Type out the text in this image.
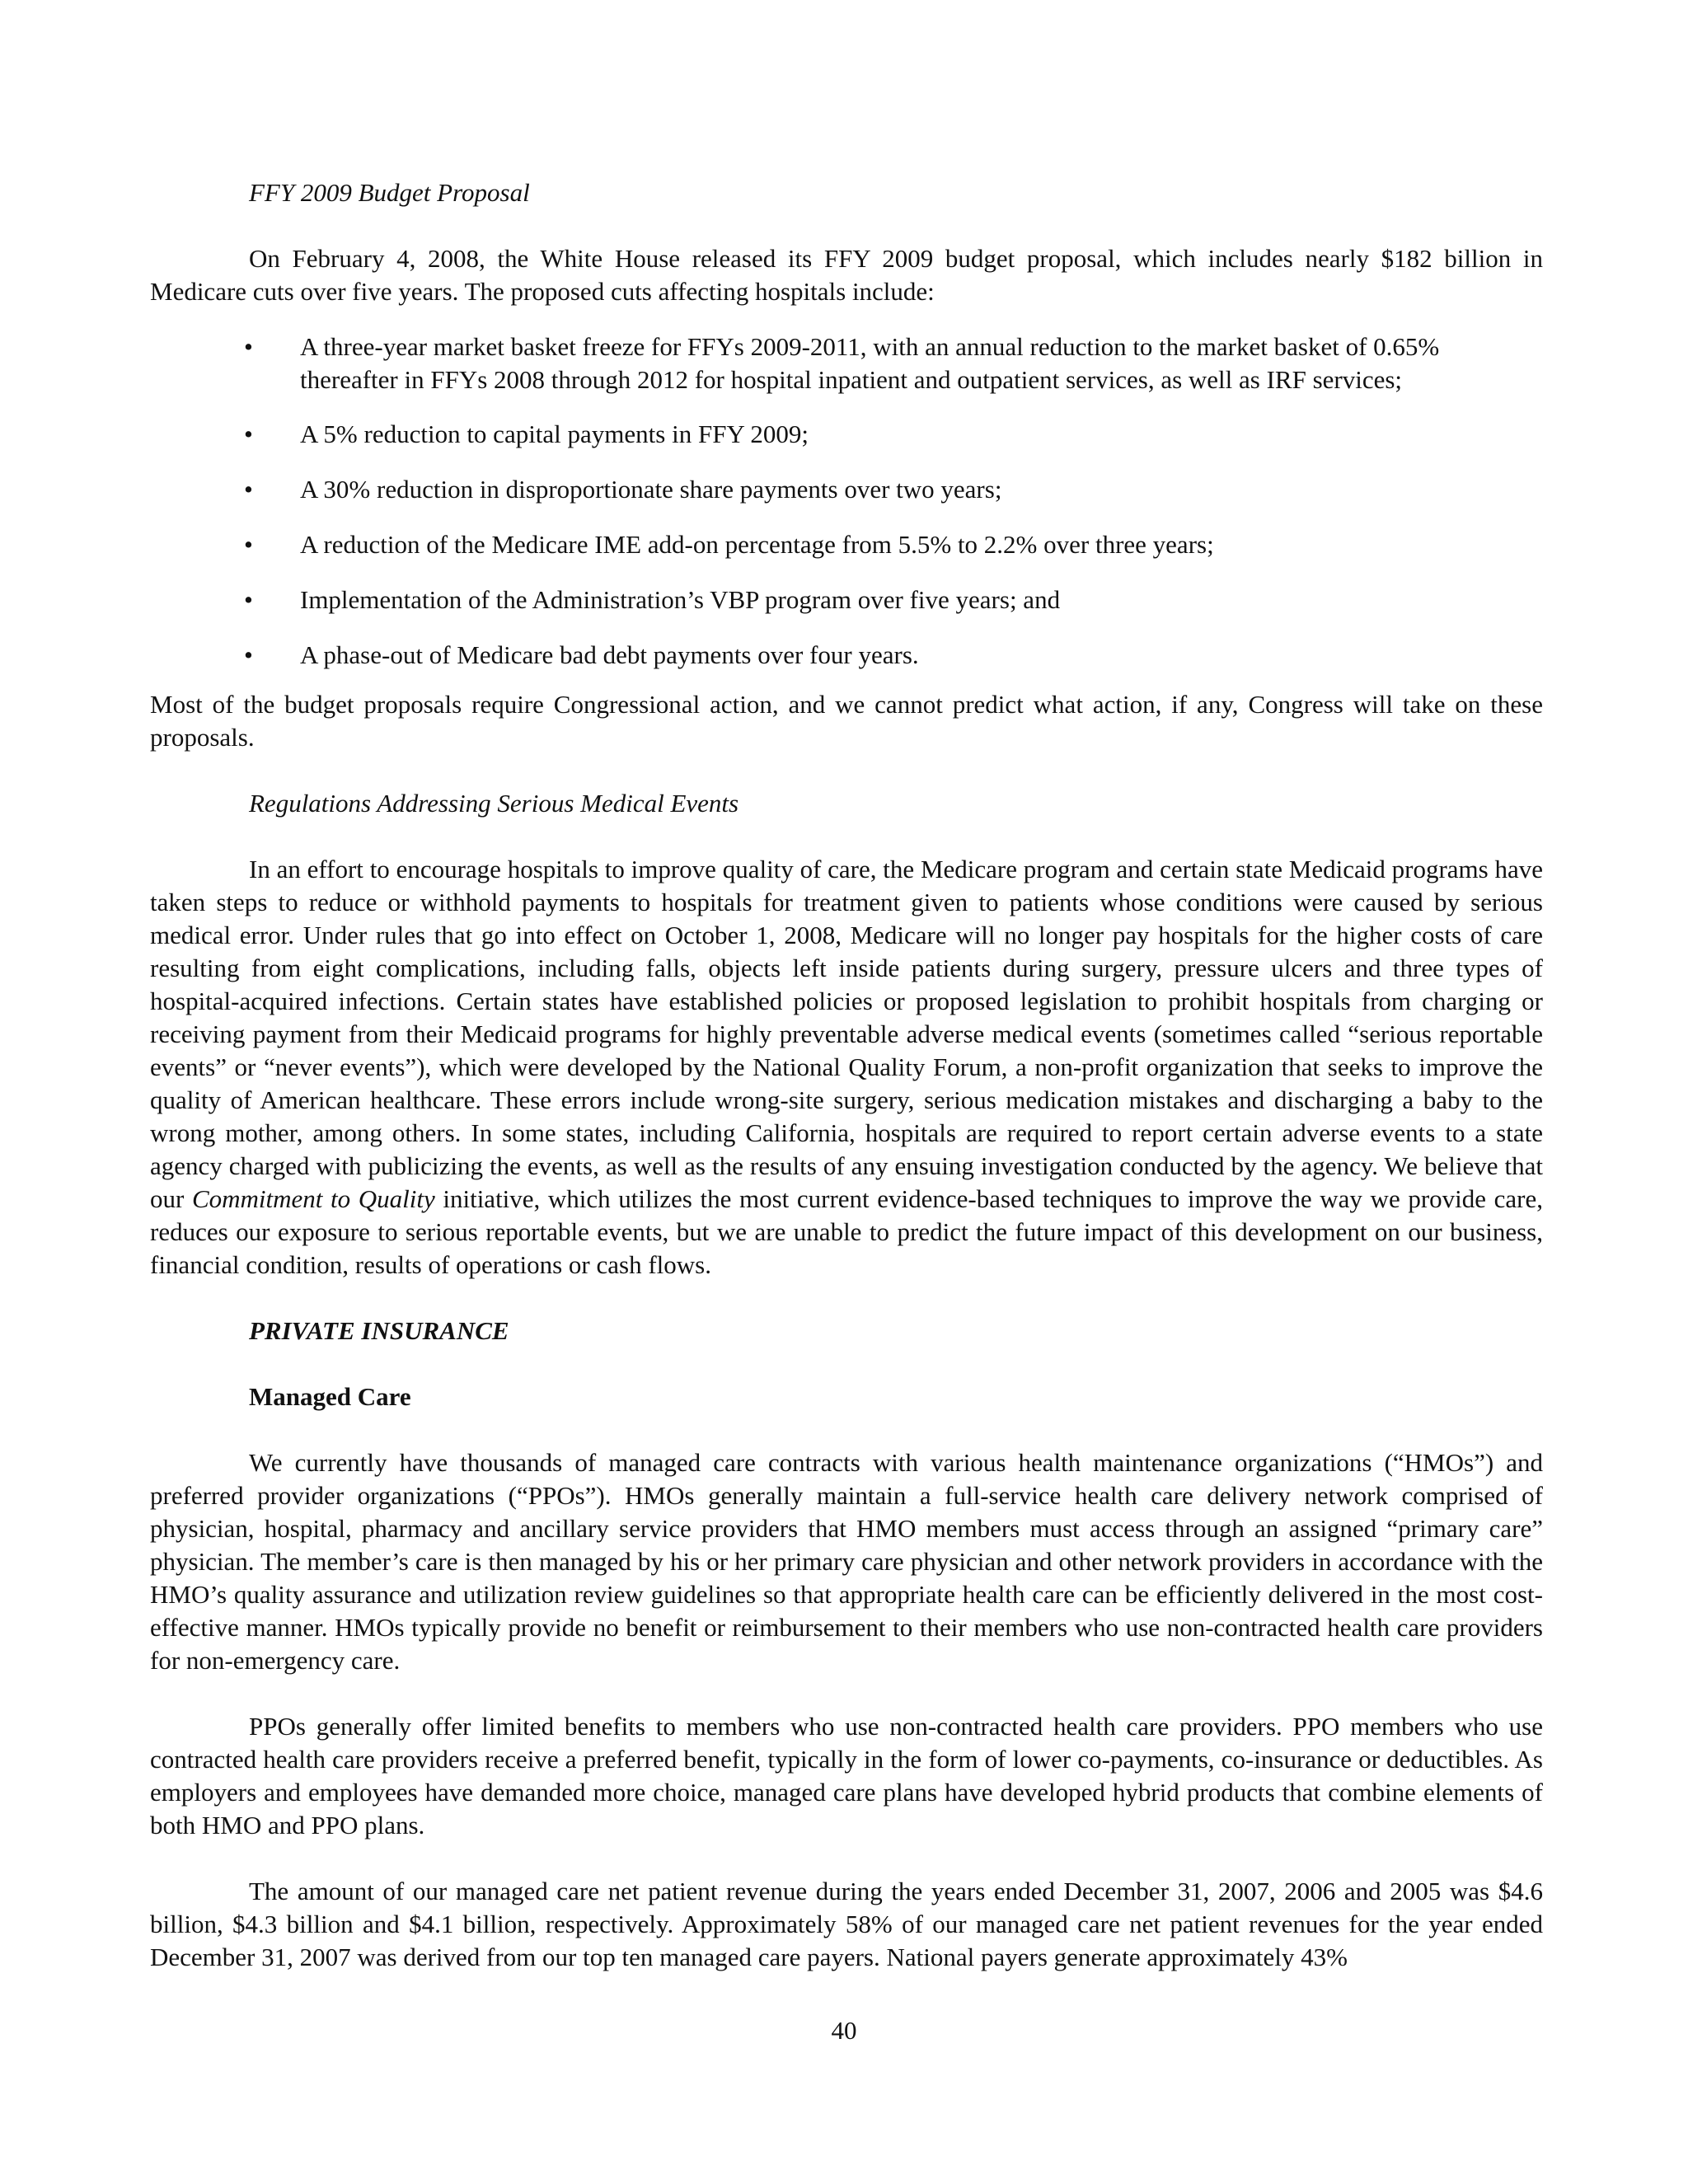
FFY 2009 Budget Proposal

On February 4, 2008, the White House released its FFY 2009 budget proposal, which includes nearly $182 billion in Medicare cuts over five years. The proposed cuts affecting hospitals include:

• A three-year market basket freeze for FFYs 2009-2011, with an annual reduction to the market basket of 0.65% thereafter in FFYs 2008 through 2012 for hospital inpatient and outpatient services, as well as IRF services;
• A 5% reduction to capital payments in FFY 2009;
• A 30% reduction in disproportionate share payments over two years;
• A reduction of the Medicare IME add-on percentage from 5.5% to 2.2% over three years;
• Implementation of the Administration’s VBP program over five years; and
• A phase-out of Medicare bad debt payments over four years.

Most of the budget proposals require Congressional action, and we cannot predict what action, if any, Congress will take on these proposals.

Regulations Addressing Serious Medical Events

In an effort to encourage hospitals to improve quality of care, the Medicare program and certain state Medicaid programs have taken steps to reduce or withhold payments to hospitals for treatment given to patients whose conditions were caused by serious medical error. Under rules that go into effect on October 1, 2008, Medicare will no longer pay hospitals for the higher costs of care resulting from eight complications, including falls, objects left inside patients during surgery, pressure ulcers and three types of hospital-acquired infections. Certain states have established policies or proposed legislation to prohibit hospitals from charging or receiving payment from their Medicaid programs for highly preventable adverse medical events (sometimes called “serious reportable events” or “never events”), which were developed by the National Quality Forum, a non-profit organization that seeks to improve the quality of American healthcare. These errors include wrong-site surgery, serious medication mistakes and discharging a baby to the wrong mother, among others. In some states, including California, hospitals are required to report certain adverse events to a state agency charged with publicizing the events, as well as the results of any ensuing investigation conducted by the agency. We believe that our Commitment to Quality initiative, which utilizes the most current evidence-based techniques to improve the way we provide care, reduces our exposure to serious reportable events, but we are unable to predict the future impact of this development on our business, financial condition, results of operations or cash flows.

PRIVATE INSURANCE

Managed Care

We currently have thousands of managed care contracts with various health maintenance organizations (“HMOs”) and preferred provider organizations (“PPOs”). HMOs generally maintain a full-service health care delivery network comprised of physician, hospital, pharmacy and ancillary service providers that HMO members must access through an assigned “primary care” physician. The member’s care is then managed by his or her primary care physician and other network providers in accordance with the HMO’s quality assurance and utilization review guidelines so that appropriate health care can be efficiently delivered in the most cost-effective manner. HMOs typically provide no benefit or reimbursement to their members who use non-contracted health care providers for non-emergency care.

PPOs generally offer limited benefits to members who use non-contracted health care providers. PPO members who use contracted health care providers receive a preferred benefit, typically in the form of lower co-payments, co-insurance or deductibles. As employers and employees have demanded more choice, managed care plans have developed hybrid products that combine elements of both HMO and PPO plans.

The amount of our managed care net patient revenue during the years ended December 31, 2007, 2006 and 2005 was $4.6 billion, $4.3 billion and $4.1 billion, respectively. Approximately 58% of our managed care net patient revenues for the year ended December 31, 2007 was derived from our top ten managed care payers. National payers generate approximately 43%

40
